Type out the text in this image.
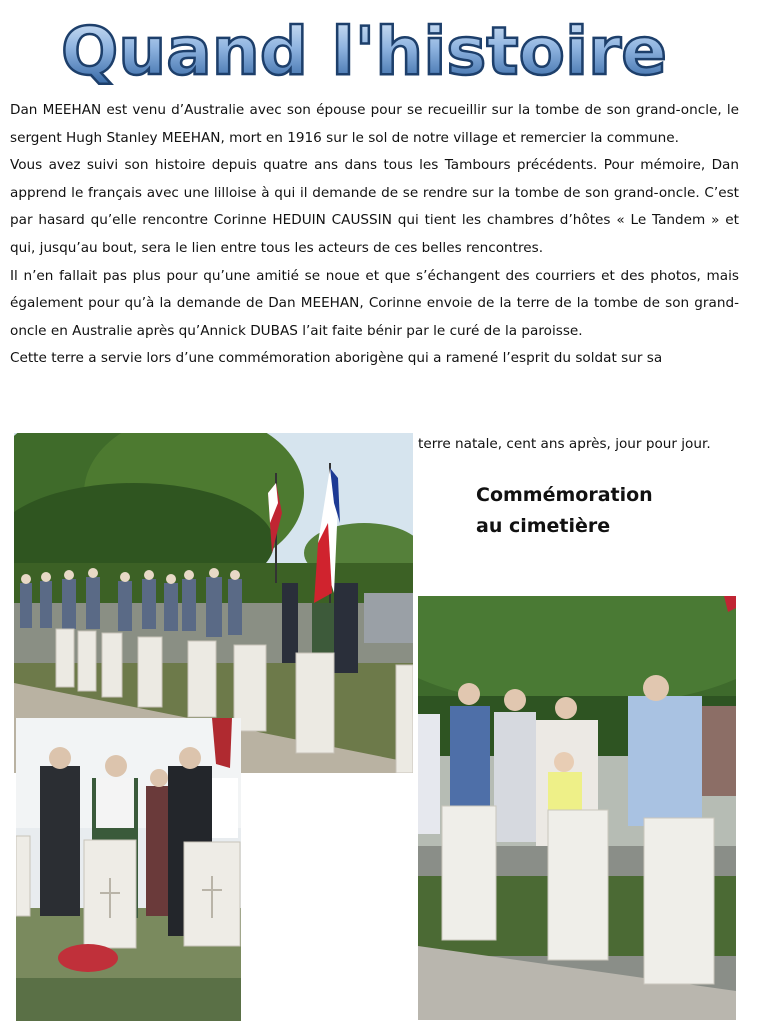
Quand l'histoire

Dan MEEHAN est venu d’Australie avec son épouse pour se recueillir sur la tombe de son grand-oncle, le sergent Hugh Stanley MEEHAN, mort en 1916 sur le sol de notre village et remercier la commune.

Vous avez suivi son histoire depuis quatre ans dans tous les Tambours précédents. Pour mémoire, Dan apprend le français avec une lilloise à qui il demande de se rendre sur la tombe de son grand-oncle. C’est par hasard qu’elle rencontre Corinne HEDUIN CAUSSIN qui tient les chambres d’hôtes « Le Tandem » et qui, jusqu’au bout, sera le lien entre tous les acteurs de ces belles rencontres.

Il n’en fallait pas plus pour qu’une amitié se noue et que s’échangent des courriers et des photos, mais également pour qu’à la demande de Dan MEEHAN, Corinne envoie de la terre de la tombe de son grand-oncle en Australie après qu’Annick DUBAS l’ait faite bénir par le curé de la paroisse.

Cette terre a servie lors d’une commémoration aborigène qui a ramené l’esprit du soldat sur sa

terre natale, cent ans après, jour pour jour.
Commémoration
au cimetière
